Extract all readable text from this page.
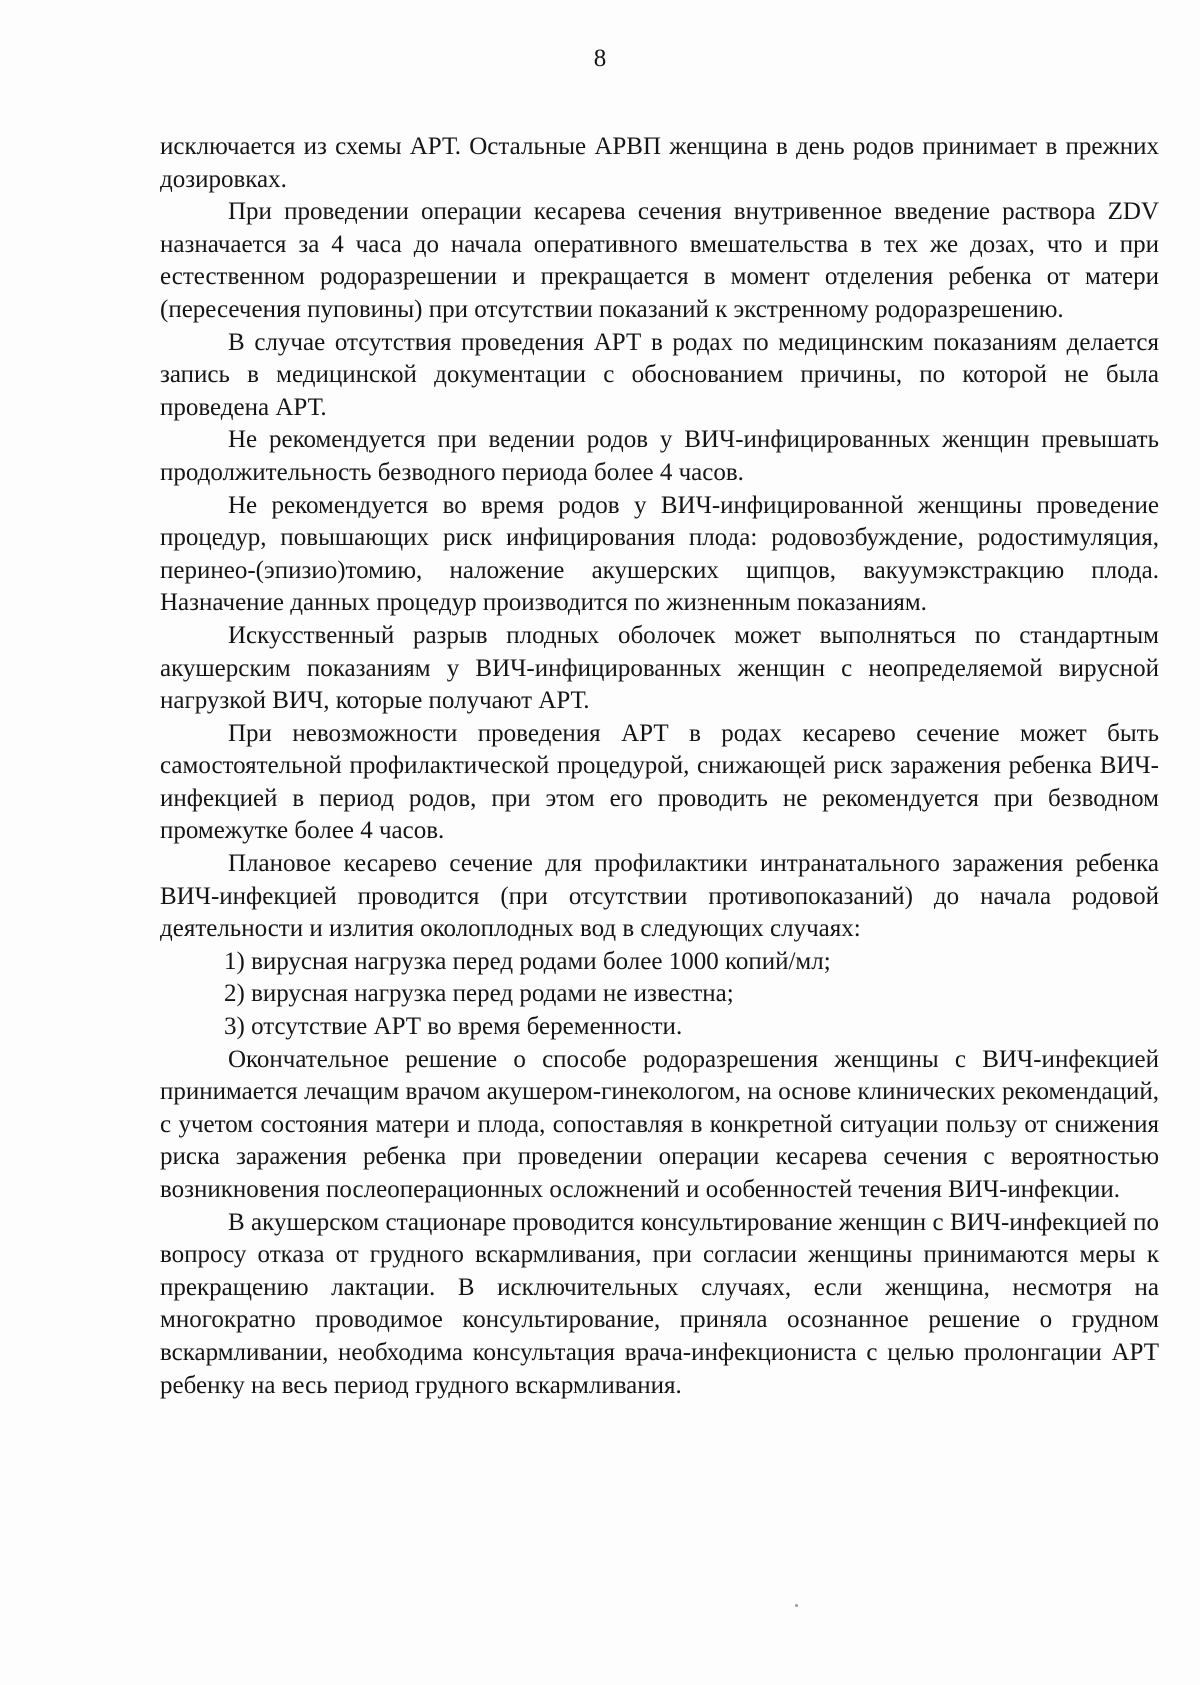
8

исключается из схемы АРТ. Остальные АРВП женщина в день родов принимает в прежних дозировках.

При проведении операции кесарева сечения внутривенное введение раствора ZDV назначается за 4 часа до начала оперативного вмешательства в тех же дозах, что и при естественном родоразрешении и прекращается в момент отделения ребенка от матери (пересечения пуповины) при отсутствии показаний к экстренному родоразрешению.

В случае отсутствия проведения АРТ в родах по медицинским показаниям делается запись в медицинской документации с обоснованием причины, по которой не была проведена АРТ.

Не рекомендуется при ведении родов у ВИЧ-инфицированных женщин превышать продолжительность безводного периода более 4 часов.

Не рекомендуется во время родов у ВИЧ-инфицированной женщины проведение процедур, повышающих риск инфицирования плода: родовозбуждение, родостимуляция, перинео-(эпизио)томию, наложение акушерских щипцов, вакуумэкстракцию плода. Назначение данных процедур производится по жизненным показаниям.

Искусственный разрыв плодных оболочек может выполняться по стандартным акушерским показаниям у ВИЧ-инфицированных женщин с неопределяемой вирусной нагрузкой ВИЧ, которые получают АРТ.

При невозможности проведения АРТ в родах кесарево сечение может быть самостоятельной профилактической процедурой, снижающей риск заражения ребенка ВИЧ-инфекцией в период родов, при этом его проводить не рекомендуется при безводном промежутке более 4 часов.

Плановое кесарево сечение для профилактики интранатального заражения ребенка ВИЧ-инфекцией проводится (при отсутствии противопоказаний) до начала родовой деятельности и излития околоплодных вод в следующих случаях:

1) вирусная нагрузка перед родами более 1000 копий/мл;

2) вирусная нагрузка перед родами не известна;

3) отсутствие АРТ во время беременности.

Окончательное решение о способе родоразрешения женщины с ВИЧ-инфекцией принимается лечащим врачом акушером-гинекологом, на основе клинических рекомендаций, с учетом состояния матери и плода, сопоставляя в конкретной ситуации пользу от снижения риска заражения ребенка при проведении операции кесарева сечения с вероятностью возникновения послеоперационных осложнений и особенностей течения ВИЧ-инфекции.

В акушерском стационаре проводится консультирование женщин с ВИЧ-инфекцией по вопросу отказа от грудного вскармливания, при согласии женщины принимаются меры к прекращению лактации. В исключительных случаях, если женщина, несмотря на многократно проводимое консультирование, приняла осознанное решение о грудном вскармливании, необходима консультация врача-инфекциониста с целью пролонгации АРТ ребенку на весь период грудного вскармливания.
